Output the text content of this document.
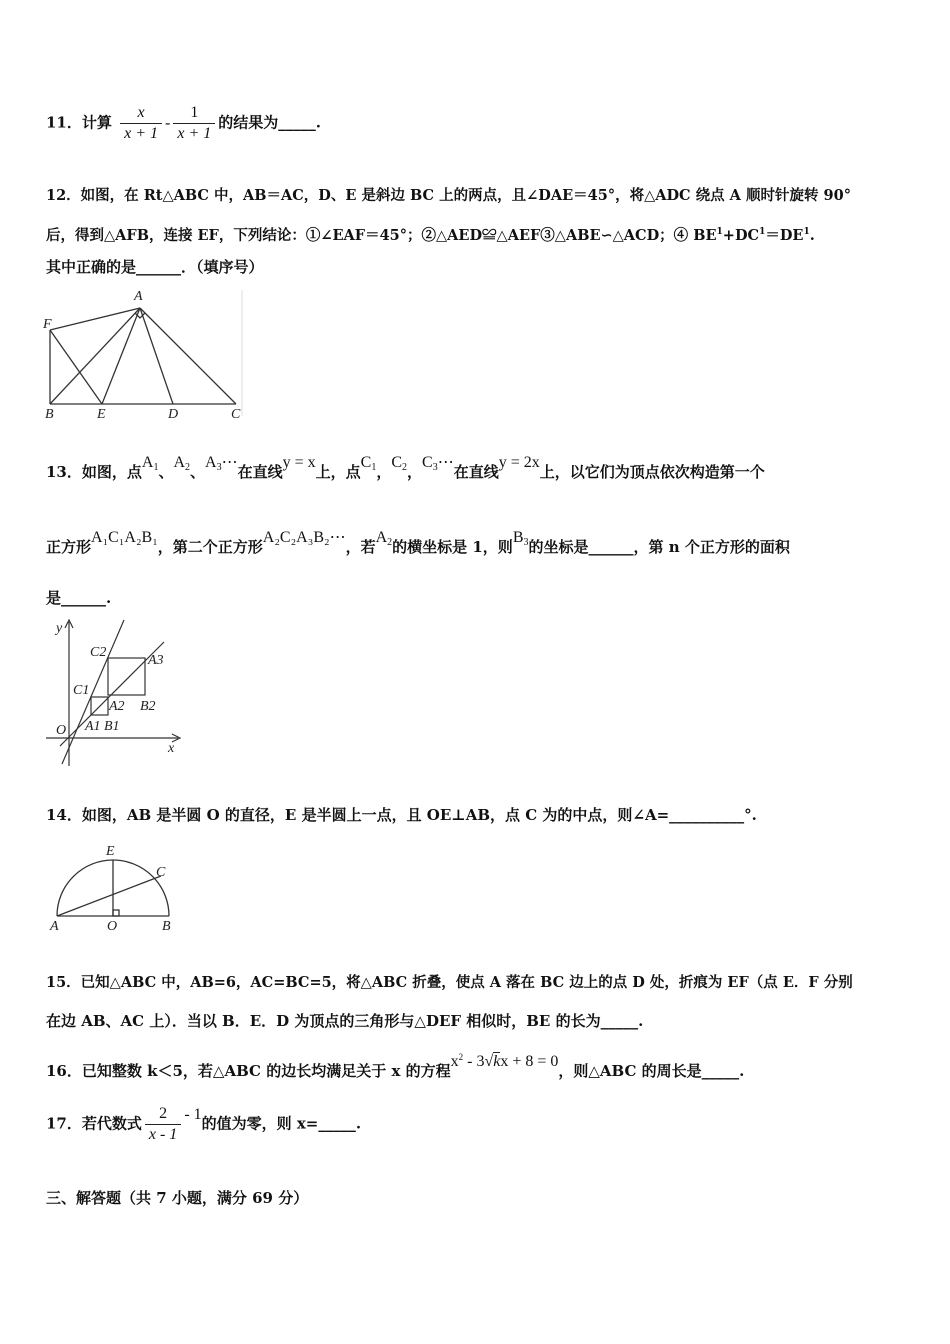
11．计算 $\frac{x}{x + 1} - \frac{1}{x + 1}$ 的结果为_____.
12．如图，在 Rt△ABC 中，AB＝AC，D、E 是斜边 BC 上的两点，且∠DAE＝45°，将△ADC 绕点 A 顺时针旋转 90°
后，得到△AFB，连接 EF，下列结论：①∠EAF＝45°；②△AED≌△AEF③△ABE∽△ACD；④ $BE^1+DC^1=DE^1$.
其中正确的是______．（填序号）
A
F
B	E	D	C
13．如图，点$A_1$、$A_2$、$A_3\cdots$在直线y = x上，点$C_1$，$C_2$，$C_3\cdots$在直线y = 2x上，以它们为顶点依次构造第一个
正方形A₁C₁A₂B₁，第二个正方形A₂C₂A₃B₂⋯，若$A_2$的横坐标是 1，则$B_3$的坐标是______，第 n 个正方形的面积
是______.
y
x
O
C2
A3
C1
A2 B2
A1 B1
14．如图，AB 是半圆 O 的直径，E 是半圆上一点，且 OE⊥AB，点 C 为的中点，则∠A=__________°.
E
C
A	O	B
15．已知△ABC 中，AB=6，AC=BC=5，将△ABC 折叠，使点 A 落在 BC 边上的点 D 处，折痕为 EF（点 E．F 分别
在边 AB、AC 上）．当以 B．E．D 为顶点的三角形与△DEF 相似时，BE 的长为_____.
16．已知整数 k＜5，若△ABC 的边长均满足关于 x 的方程$x^2 - 3√kx + 8 = 0$，则△ABC 的周长是_____.
17．若代数式 $\frac{2}{x - 1} - 1$的值为零，则 x=_____.
三、解答题（共 7 小题，满分 69 分）
